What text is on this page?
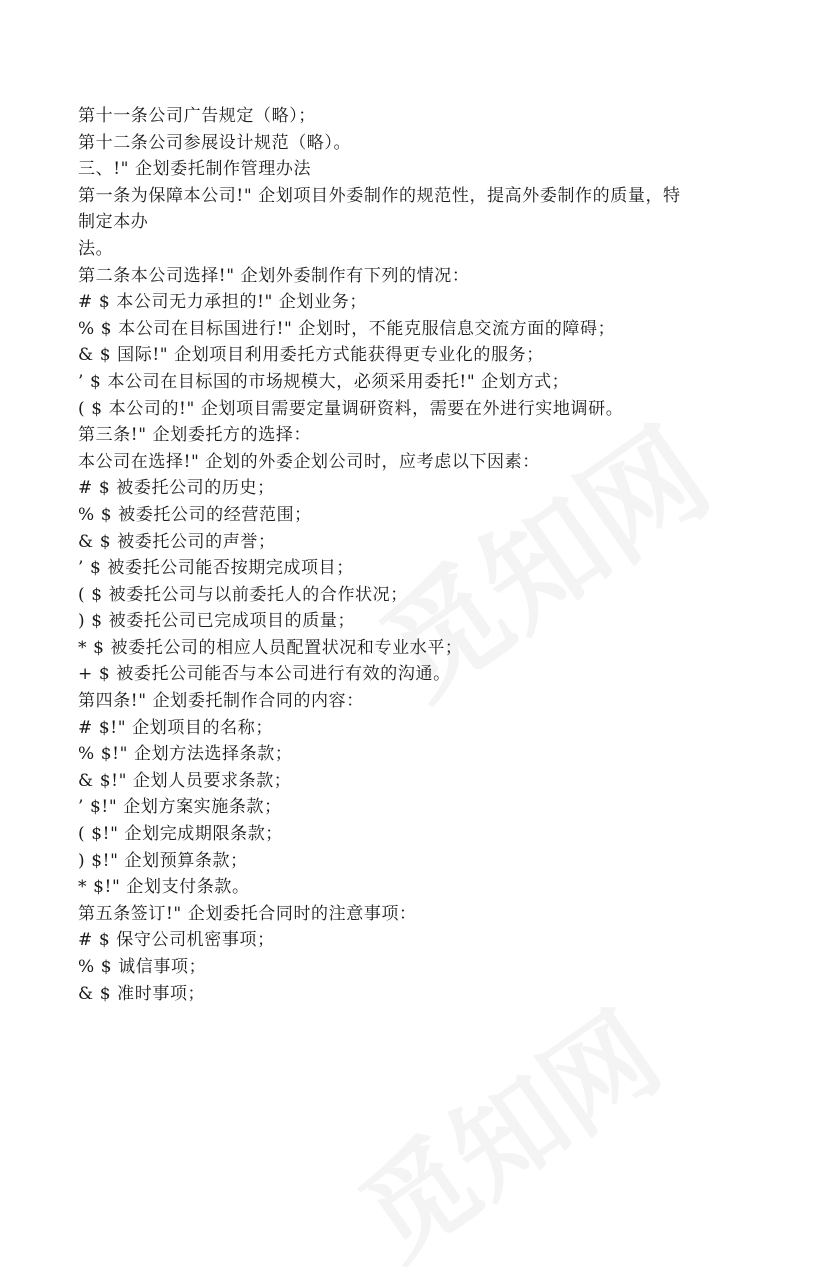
第十一条公司广告规定（略）；
第十二条公司参展设计规范（略）。
三、!" 企划委托制作管理办法
第一条为保障本公司!" 企划项目外委制作的规范性，提高外委制作的质量，特
制定本办
法。
第二条本公司选择!" 企划外委制作有下列的情况：
# $ 本公司无力承担的!" 企划业务；
% $ 本公司在目标国进行!" 企划时，不能克服信息交流方面的障碍；
& $ 国际!" 企划项目利用委托方式能获得更专业化的服务；
’ $ 本公司在目标国的市场规模大，必须采用委托!" 企划方式；
( $ 本公司的!" 企划项目需要定量调研资料，需要在外进行实地调研。
第三条!" 企划委托方的选择：
本公司在选择!" 企划的外委企划公司时，应考虑以下因素：
# $ 被委托公司的历史；
% $ 被委托公司的经营范围；
& $ 被委托公司的声誉；
’ $ 被委托公司能否按期完成项目；
( $ 被委托公司与以前委托人的合作状况；
) $ 被委托公司已完成项目的质量；
* $ 被委托公司的相应人员配置状况和专业水平；
+ $ 被委托公司能否与本公司进行有效的沟通。
第四条!" 企划委托制作合同的内容：
# $!" 企划项目的名称；
% $!" 企划方法选择条款；
& $!" 企划人员要求条款；
’ $!" 企划方案实施条款；
( $!" 企划完成期限条款；
) $!" 企划预算条款；
* $!" 企划支付条款。
第五条签订!" 企划委托合同时的注意事项：
# $ 保守公司机密事项；
% $ 诚信事项；
& $ 准时事项；
